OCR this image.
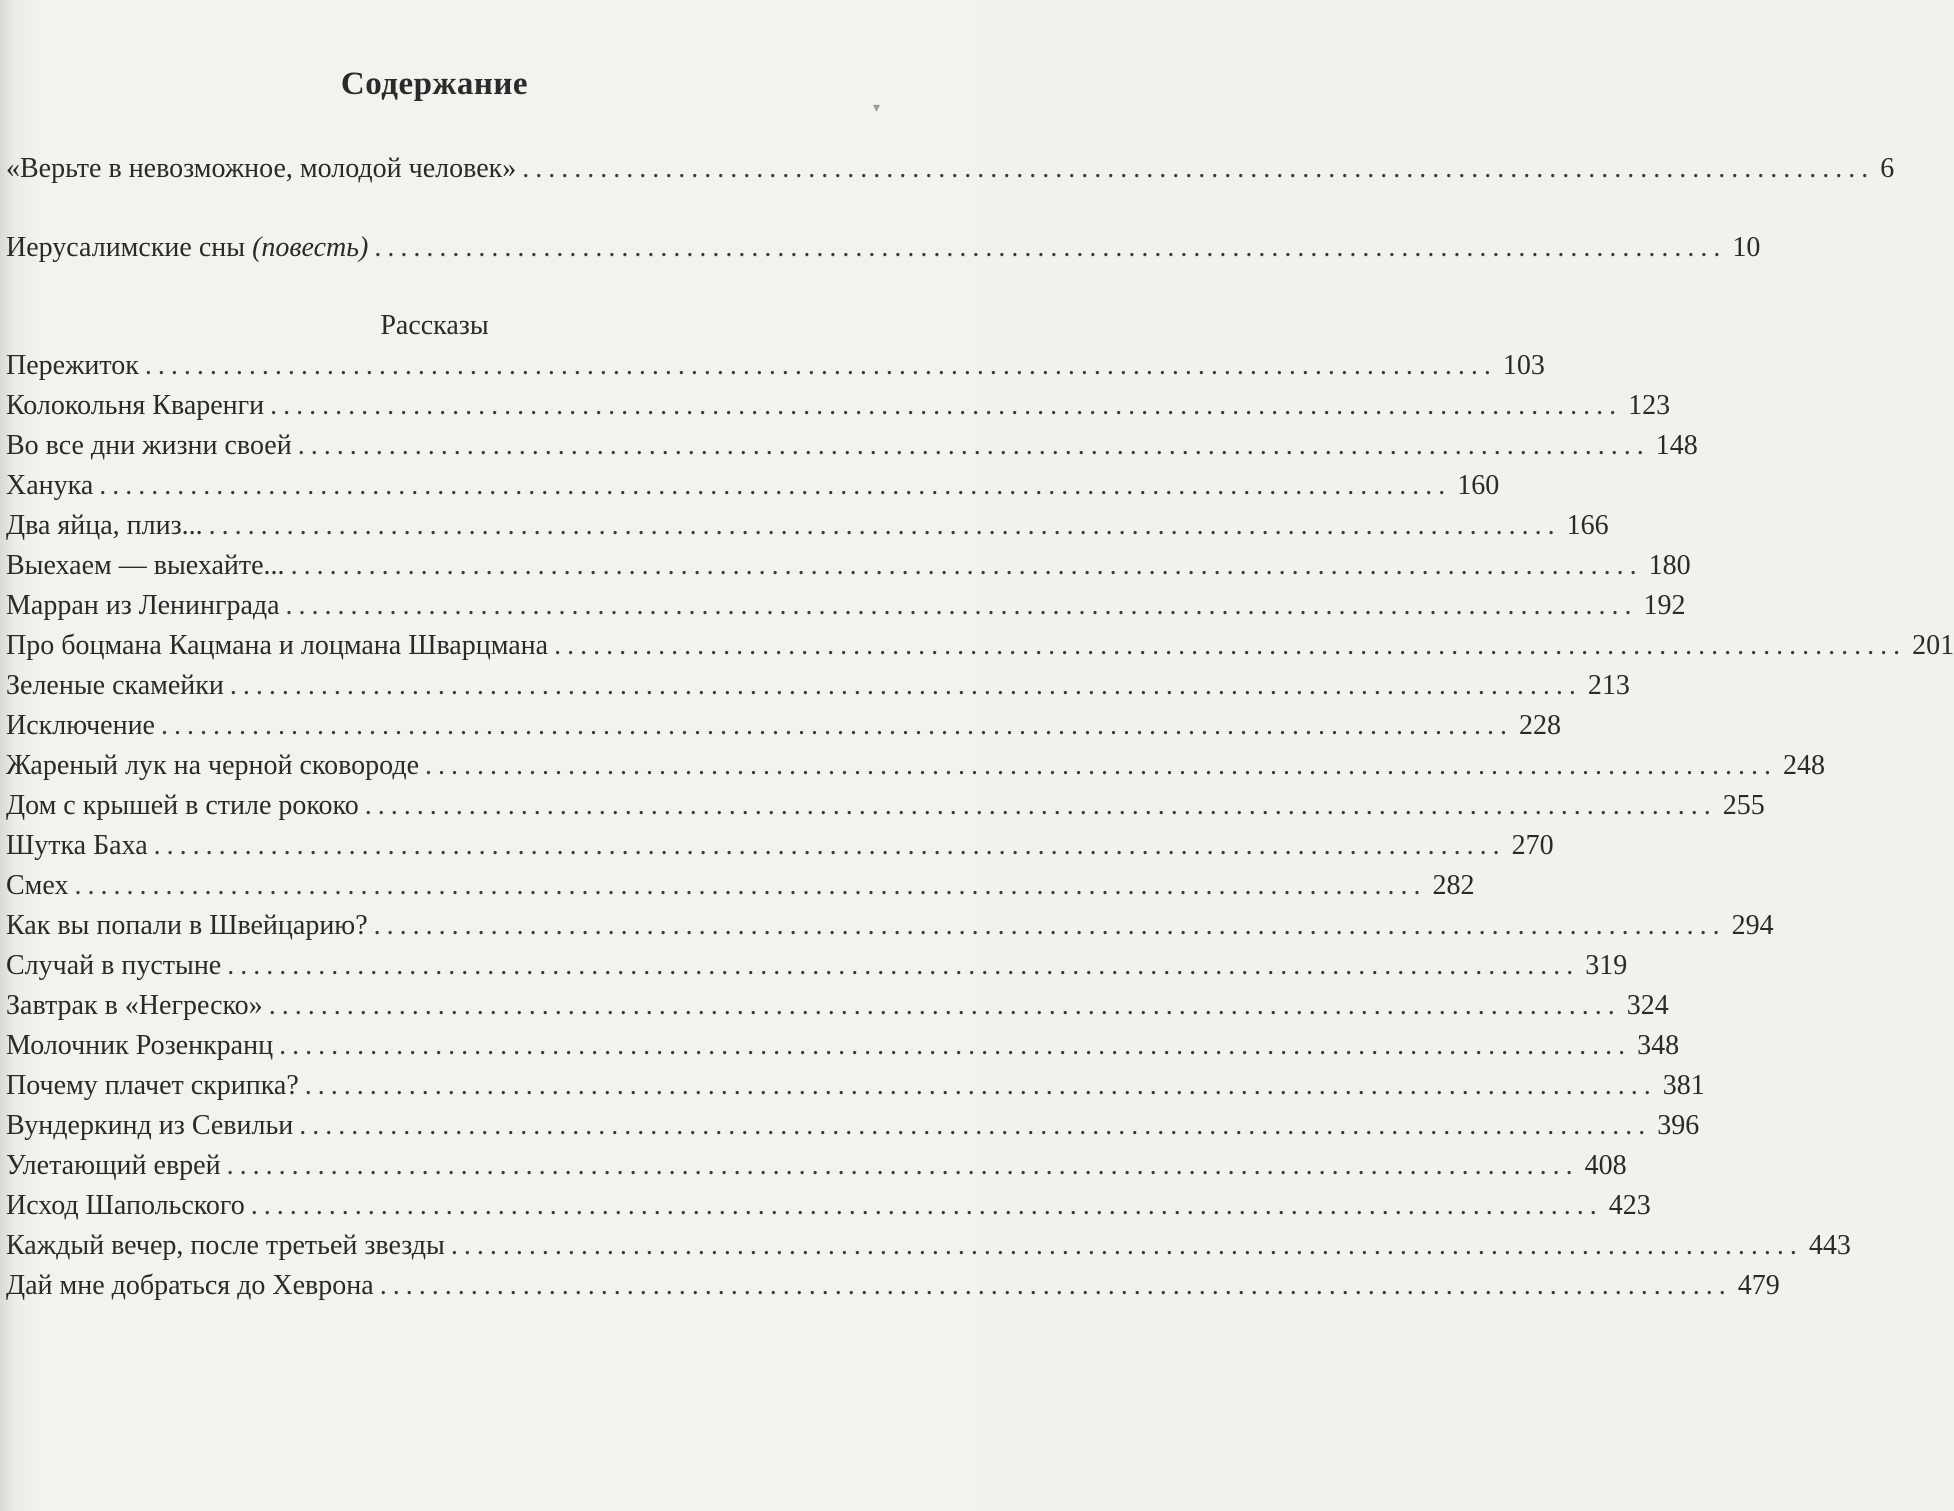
▾
Содержание
«Верьте в невозможное, молодой человек» ........................................................................................................ 6
Иерусалимские сны (повесть) ........................................................................................................ 10
Рассказы
Пережиток ........................................................................................................ 103
Колокольня Кваренги ........................................................................................................ 123
Во все дни жизни своей ........................................................................................................ 148
Ханука ........................................................................................................ 160
Два яйца, плиз... ........................................................................................................ 166
Выехаем — выехайте... ........................................................................................................ 180
Марран из Ленинграда ........................................................................................................ 192
Про боцмана Кацмана и лоцмана Шварцмана ........................................................................................................ 201
Зеленые скамейки ........................................................................................................ 213
Исключение ........................................................................................................ 228
Жареный лук на черной сковороде ........................................................................................................ 248
Дом с крышей в стиле рококо ........................................................................................................ 255
Шутка Баха ........................................................................................................ 270
Смех ........................................................................................................ 282
Как вы попали в Швейцарию? ........................................................................................................ 294
Случай в пустыне ........................................................................................................ 319
Завтрак в «Негреско» ........................................................................................................ 324
Молочник Розенкранц ........................................................................................................ 348
Почему плачет скрипка? ........................................................................................................ 381
Вундеркинд из Севильи ........................................................................................................ 396
Улетающий еврей ........................................................................................................ 408
Исход Шапольского ........................................................................................................ 423
Каждый вечер, после третьей звезды ........................................................................................................ 443
Дай мне добраться до Хеврона ........................................................................................................ 479
